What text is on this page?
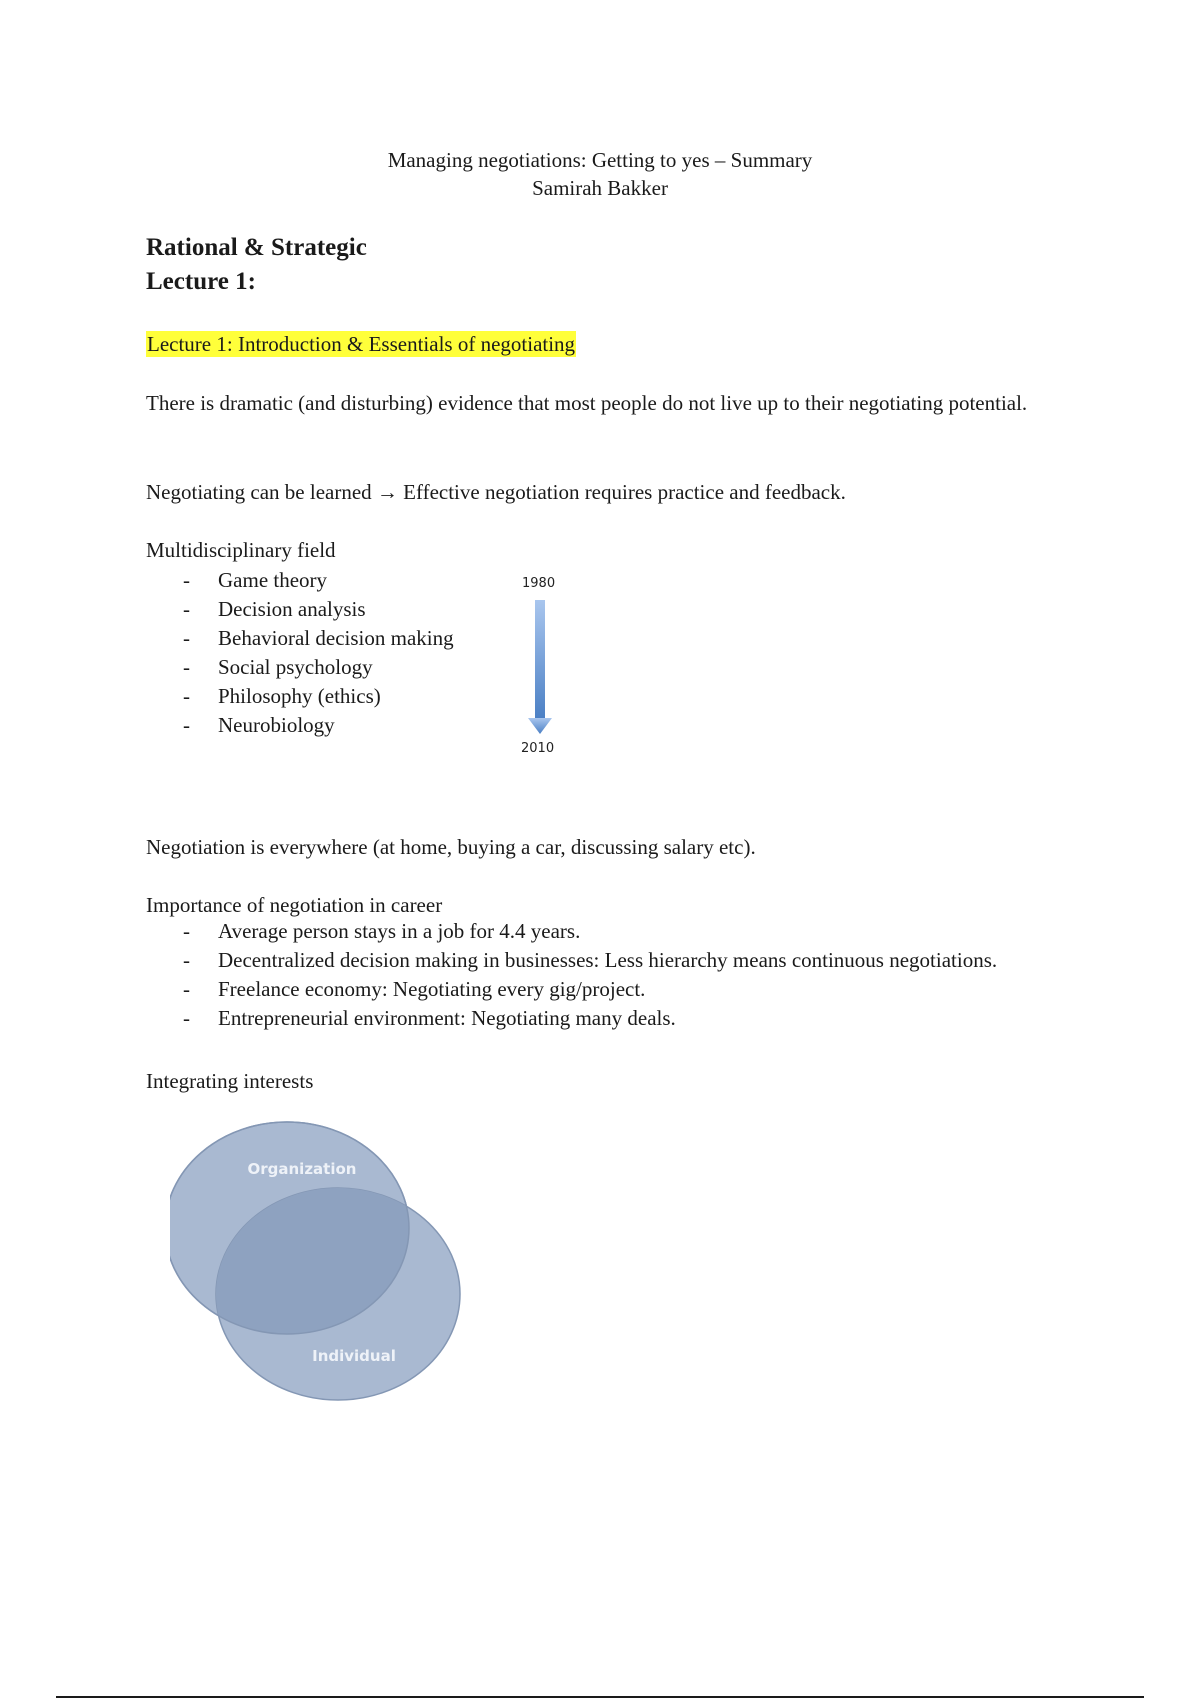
Managing negotiations: Getting to yes – Summary
Samirah Bakker
Rational & Strategic
Lecture 1:
Lecture 1: Introduction & Essentials of negotiating
There is dramatic (and disturbing) evidence that most people do not live up to their negotiating potential.
Negotiating can be learned → Effective negotiation requires practice and feedback.
Multidisciplinary field
- Game theory
- Decision analysis
- Behavioral decision making
- Social psychology
- Philosophy (ethics)
- Neurobiology
1980
2010
Negotiation is everywhere (at home, buying a car, discussing salary etc).
Importance of negotiation in career
- Average person stays in a job for 4.4 years.
- Decentralized decision making in businesses: Less hierarchy means continuous negotiations.
- Freelance economy: Negotiating every gig/project.
- Entrepreneurial environment: Negotiating many deals.
Integrating interests
Organization
Individual
